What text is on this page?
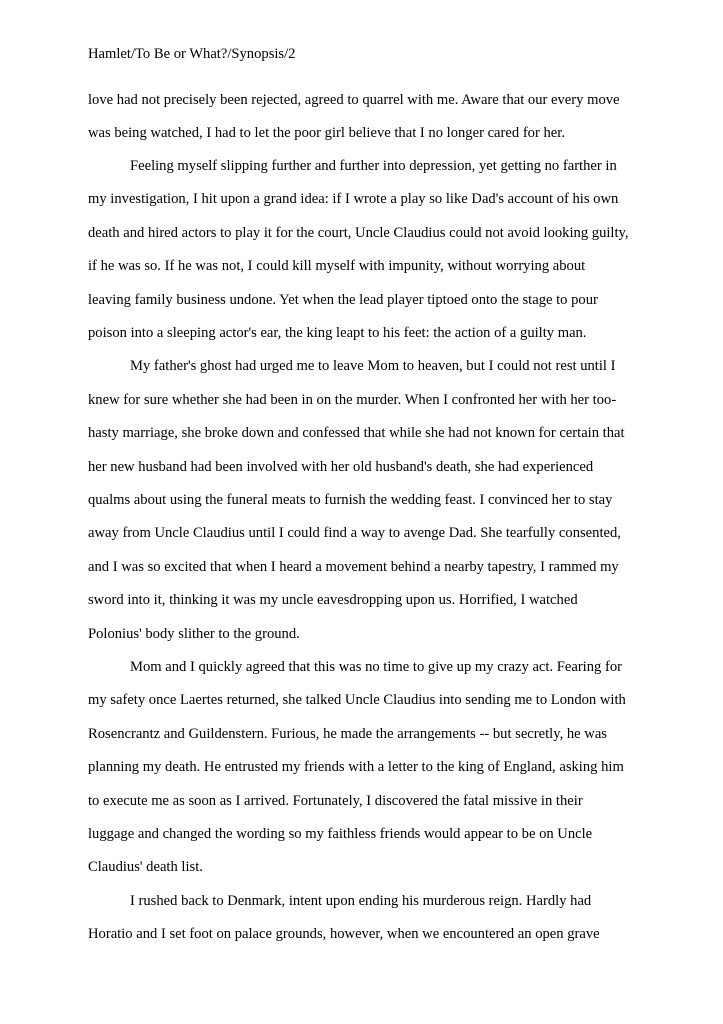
Hamlet/To Be or What?/Synopsis/2
love had not precisely been rejected, agreed to quarrel with me. Aware that our every move
was being watched, I had to let the poor girl believe that I no longer cared for her.
Feeling myself slipping further and further into depression, yet getting no farther in
my investigation, I hit upon a grand idea: if I wrote a play so like Dad's account of his own
death and hired actors to play it for the court, Uncle Claudius could not avoid looking guilty,
if he was so. If he was not, I could kill myself with impunity, without worrying about
leaving family business undone. Yet when the lead player tiptoed onto the stage to pour
poison into a sleeping actor's ear, the king leapt to his feet: the action of a guilty man.
My father's ghost had urged me to leave Mom to heaven, but I could not rest until I
knew for sure whether she had been in on the murder. When I confronted her with her too-
hasty marriage, she broke down and confessed that while she had not known for certain that
her new husband had been involved with her old husband's death, she had experienced
qualms about using the funeral meats to furnish the wedding feast. I convinced her to stay
away from Uncle Claudius until I could find a way to avenge Dad. She tearfully consented,
and I was so excited that when I heard a movement behind a nearby tapestry, I rammed my
sword into it, thinking it was my uncle eavesdropping upon us. Horrified, I watched
Polonius' body slither to the ground.
Mom and I quickly agreed that this was no time to give up my crazy act. Fearing for
my safety once Laertes returned, she talked Uncle Claudius into sending me to London with
Rosencrantz and Guildenstern. Furious, he made the arrangements -- but secretly, he was
planning my death. He entrusted my friends with a letter to the king of England, asking him
to execute me as soon as I arrived. Fortunately, I discovered the fatal missive in their
luggage and changed the wording so my faithless friends would appear to be on Uncle
Claudius' death list.
I rushed back to Denmark, intent upon ending his murderous reign. Hardly had
Horatio and I set foot on palace grounds, however, when we encountered an open grave
